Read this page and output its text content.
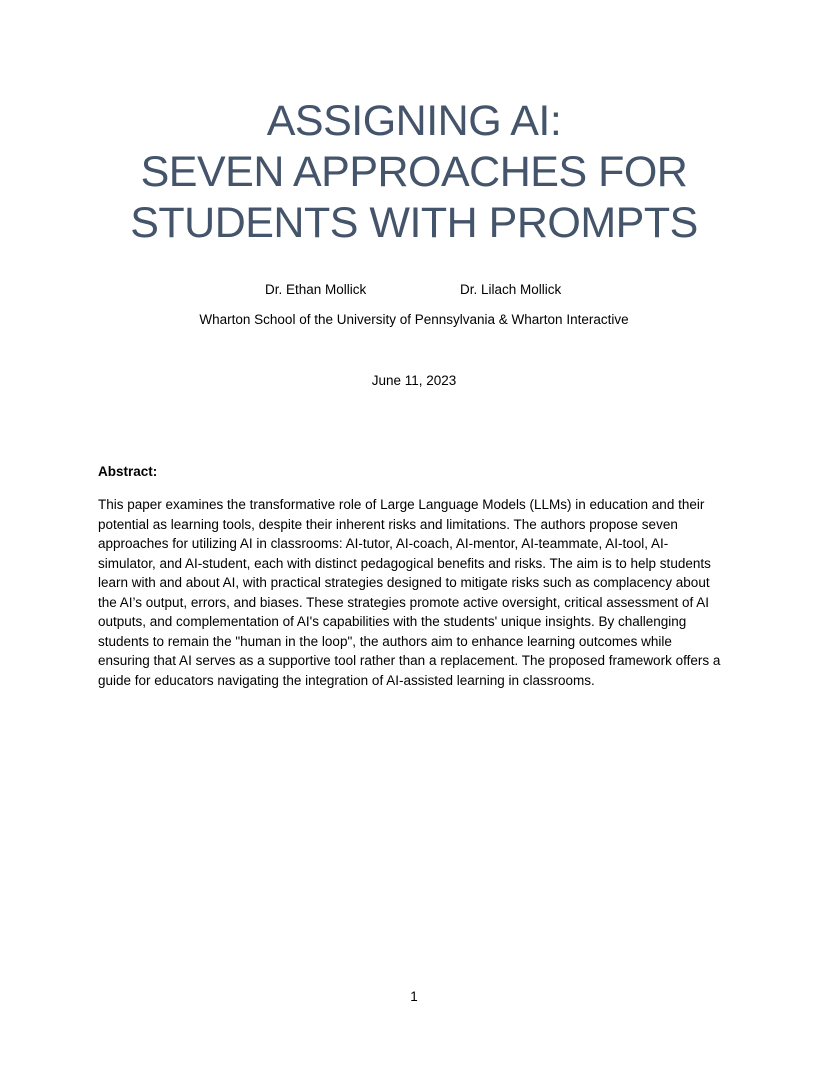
ASSIGNING AI:
SEVEN APPROACHES FOR
STUDENTS WITH PROMPTS
Dr. Ethan Mollick	Dr. Lilach Mollick
Wharton School of the University of Pennsylvania & Wharton Interactive
June 11, 2023

Abstract:

This paper examines the transformative role of Large Language Models (LLMs) in education and their
potential as learning tools, despite their inherent risks and limitations. The authors propose seven
approaches for utilizing AI in classrooms: AI-tutor, AI-coach, AI-mentor, AI-teammate, AI-tool, AI-
simulator, and AI-student, each with distinct pedagogical benefits and risks. The aim is to help students
learn with and about AI, with practical strategies designed to mitigate risks such as complacency about
the AI’s output, errors, and biases. These strategies promote active oversight, critical assessment of AI
outputs, and complementation of AI's capabilities with the students' unique insights. By challenging
students to remain the "human in the loop", the authors aim to enhance learning outcomes while
ensuring that AI serves as a supportive tool rather than a replacement. The proposed framework offers a
guide for educators navigating the integration of AI-assisted learning in classrooms.
1
